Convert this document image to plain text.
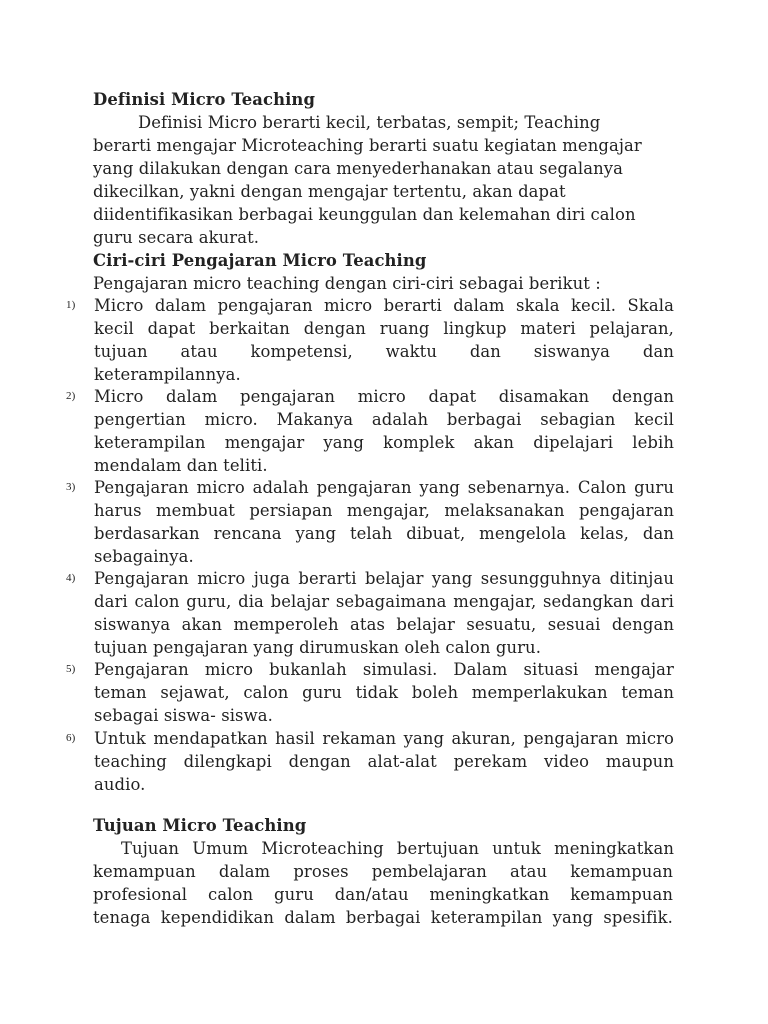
Definisi Micro Teaching
Definisi Micro berarti kecil, terbatas, sempit; Teaching
berarti mengajar Microteaching berarti suatu kegiatan mengajar
yang dilakukan dengan cara menyederhanakan atau segalanya
dikecilkan, yakni dengan mengajar tertentu, akan dapat
diidentifikasikan berbagai keunggulan dan kelemahan diri calon
guru secara akurat.
Ciri-ciri Pengajaran Micro Teaching
Pengajaran micro teaching dengan ciri-ciri sebagai berikut :
1) Micro dalam pengajaran micro berarti dalam skala kecil. Skala
kecil dapat berkaitan dengan ruang lingkup materi pelajaran,
tujuan atau kompetensi, waktu dan siswanya dan
keterampilannya.
2) Micro dalam pengajaran micro dapat disamakan dengan
pengertian micro. Makanya adalah berbagai sebagian kecil
keterampilan mengajar yang komplek akan dipelajari lebih
mendalam dan teliti.
3) Pengajaran micro adalah pengajaran yang sebenarnya. Calon guru
harus membuat persiapan mengajar, melaksanakan pengajaran
berdasarkan rencana yang telah dibuat, mengelola kelas, dan
sebagainya.
4) Pengajaran micro juga berarti belajar yang sesungguhnya ditinjau
dari calon guru, dia belajar sebagaimana mengajar, sedangkan dari
siswanya akan memperoleh atas belajar sesuatu, sesuai dengan
tujuan pengajaran yang dirumuskan oleh calon guru.
5) Pengajaran micro bukanlah simulasi. Dalam situasi mengajar
teman sejawat, calon guru tidak boleh memperlakukan teman
sebagai siswa- siswa.
6) Untuk mendapatkan hasil rekaman yang akuran, pengajaran micro
teaching dilengkapi dengan alat-alat perekam video maupun
audio.
Tujuan Micro Teaching
Tujuan Umum Microteaching bertujuan untuk meningkatkan
kemampuan dalam proses pembelajaran atau kemampuan
profesional calon guru dan/atau meningkatkan kemampuan
tenaga kependidikan dalam berbagai keterampilan yang spesifik.
